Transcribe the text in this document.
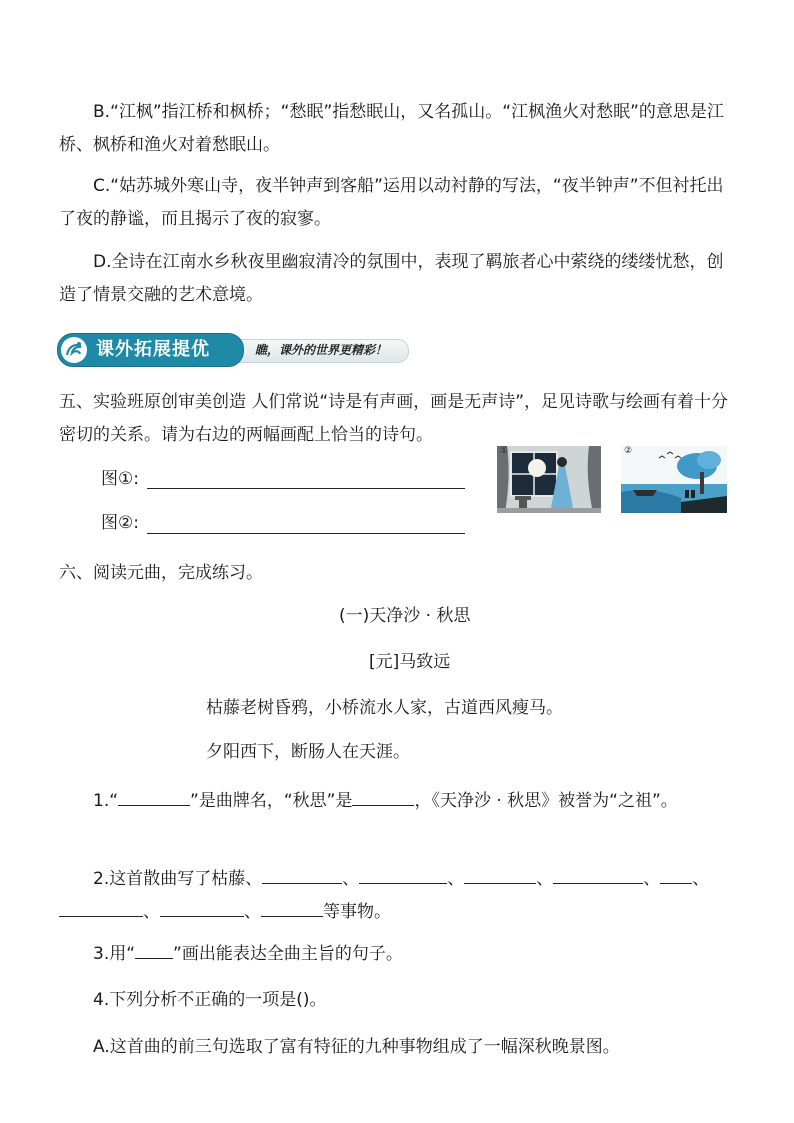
B.“江枫”指江桥和枫桥；“愁眠”指愁眠山，又名孤山。“江枫渔火对愁眠”的意思是江桥、枫桥和渔火对着愁眠山。

C.“姑苏城外寒山寺，夜半钟声到客船”运用以动衬静的写法，“夜半钟声”不但衬托出了夜的静谧，而且揭示了夜的寂寥。

D.全诗在江南水乡秋夜里幽寂清冷的氛围中，表现了羁旅者心中萦绕的缕缕忧愁，创造了情景交融的艺术意境。

课外拓展提优	瞧，课外的世界更精彩！

五、实验班原创审美创造 人们常说“诗是有声画，画是无声诗”，足见诗歌与绘画有着十分密切的关系。请为右边的两幅画配上恰当的诗句。

图①:
图②:
①	②

六、阅读元曲，完成练习。

(一)天净沙 · 秋思

[元]马致远

枯藤老树昏鸦，小桥流水人家，古道西风瘦马。

夕阳西下，断肠人在天涯。

1.“	”是曲牌名，“秋思”是	，《天净沙 · 秋思》被誉为“之祖”。

2.这首散曲写了枯藤、	、	、	、	、 、、	、	等事物。

3.用“ ”画出能表达全曲主旨的句子。

4.下列分析不正确的一项是()。

A.这首曲的前三句选取了富有特征的九种事物组成了一幅深秋晚景图。
